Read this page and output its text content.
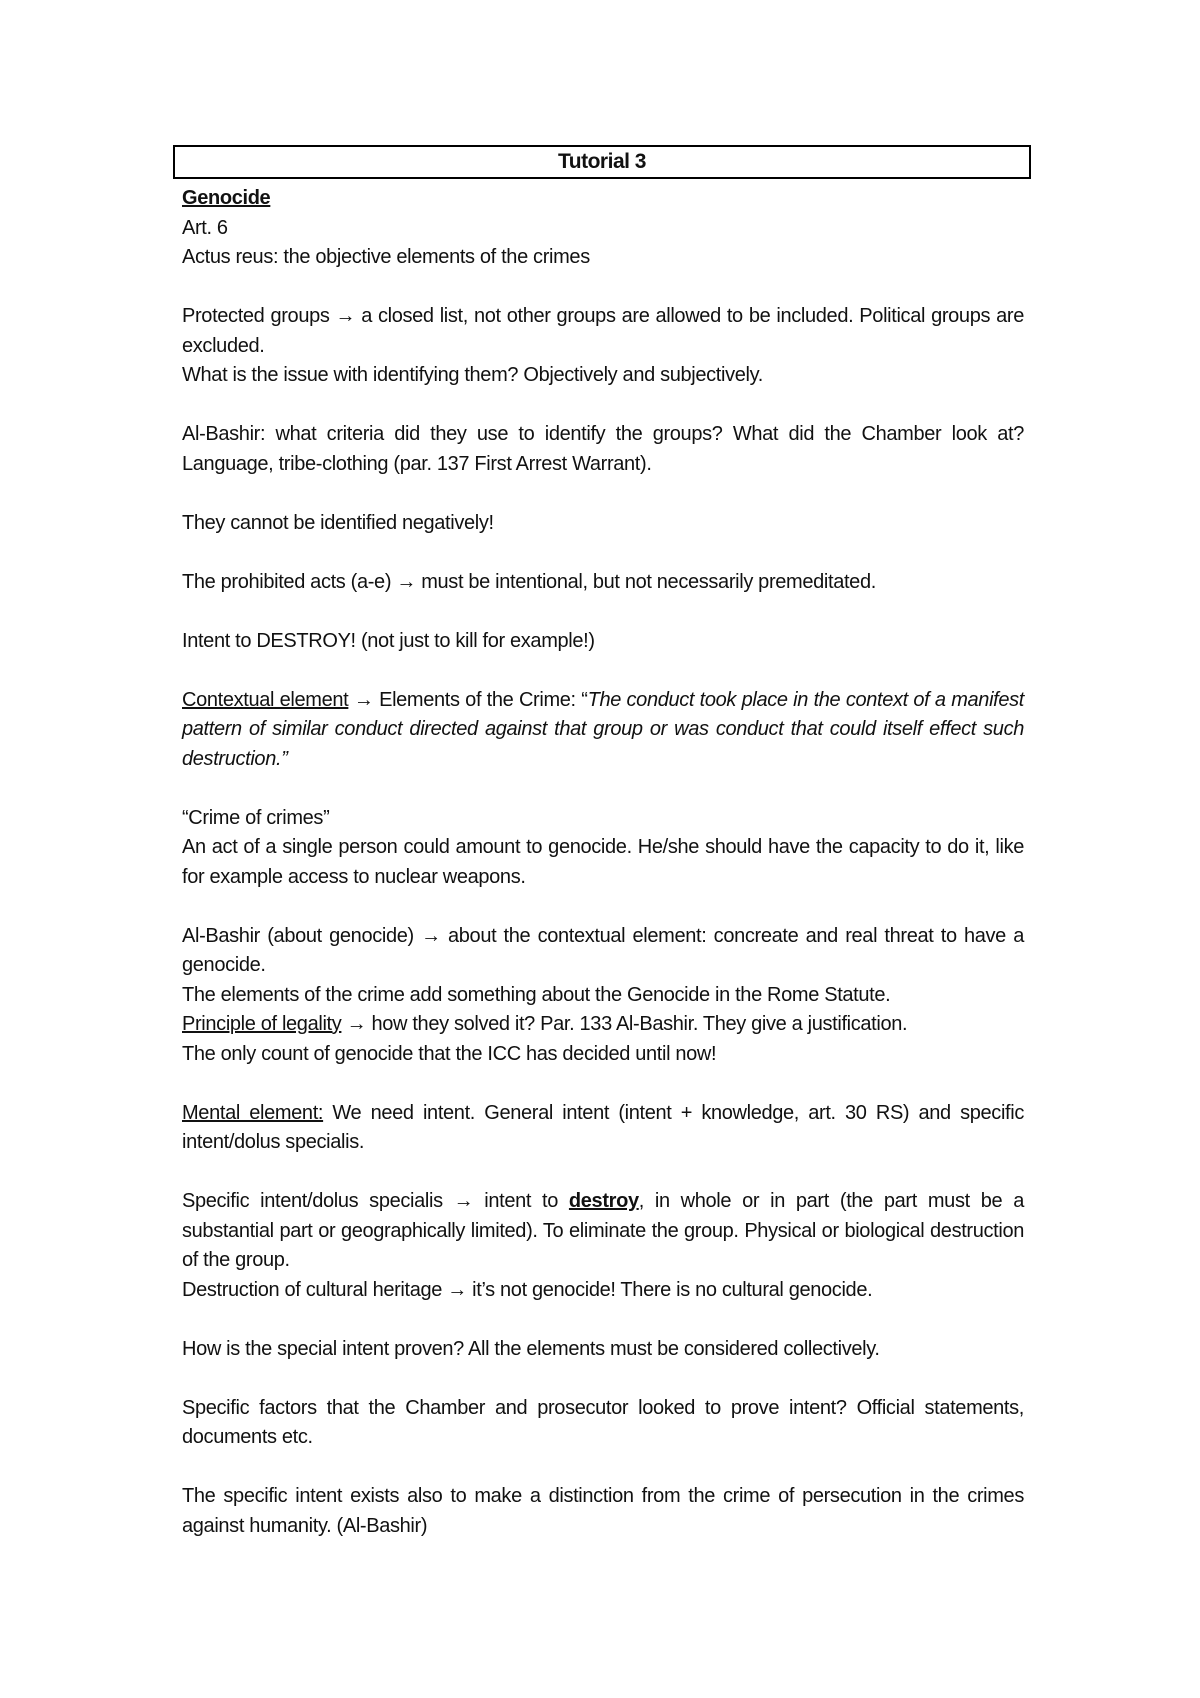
Tutorial 3

Genocide

Art. 6

Actus reus: the objective elements of the crimes

Protected groups → a closed list, not other groups are allowed to be included. Political groups are excluded.

What is the issue with identifying them? Objectively and subjectively.

Al-Bashir: what criteria did they use to identify the groups? What did the Chamber look at? Language, tribe-clothing (par. 137 First Arrest Warrant).

They cannot be identified negatively!

The prohibited acts (a-e) → must be intentional, but not necessarily premeditated.

Intent to DESTROY! (not just to kill for example!)

Contextual element → Elements of the Crime: “The conduct took place in the context of a manifest pattern of similar conduct directed against that group or was conduct that could itself effect such destruction.”

“Crime of crimes”

An act of a single person could amount to genocide. He/she should have the capacity to do it, like for example access to nuclear weapons.

Al-Bashir (about genocide) → about the contextual element: concreate and real threat to have a genocide.

The elements of the crime add something about the Genocide in the Rome Statute.

Principle of legality → how they solved it? Par. 133 Al-Bashir. They give a justification.

The only count of genocide that the ICC has decided until now!

Mental element: We need intent. General intent (intent + knowledge, art. 30 RS) and specific intent/dolus specialis.

Specific intent/dolus specialis → intent to destroy, in whole or in part (the part must be a substantial part or geographically limited). To eliminate the group. Physical or biological destruction of the group.

Destruction of cultural heritage → it’s not genocide! There is no cultural genocide.

How is the special intent proven? All the elements must be considered collectively.

Specific factors that the Chamber and prosecutor looked to prove intent? Official statements, documents etc.

The specific intent exists also to make a distinction from the crime of persecution in the crimes against humanity. (Al-Bashir)
